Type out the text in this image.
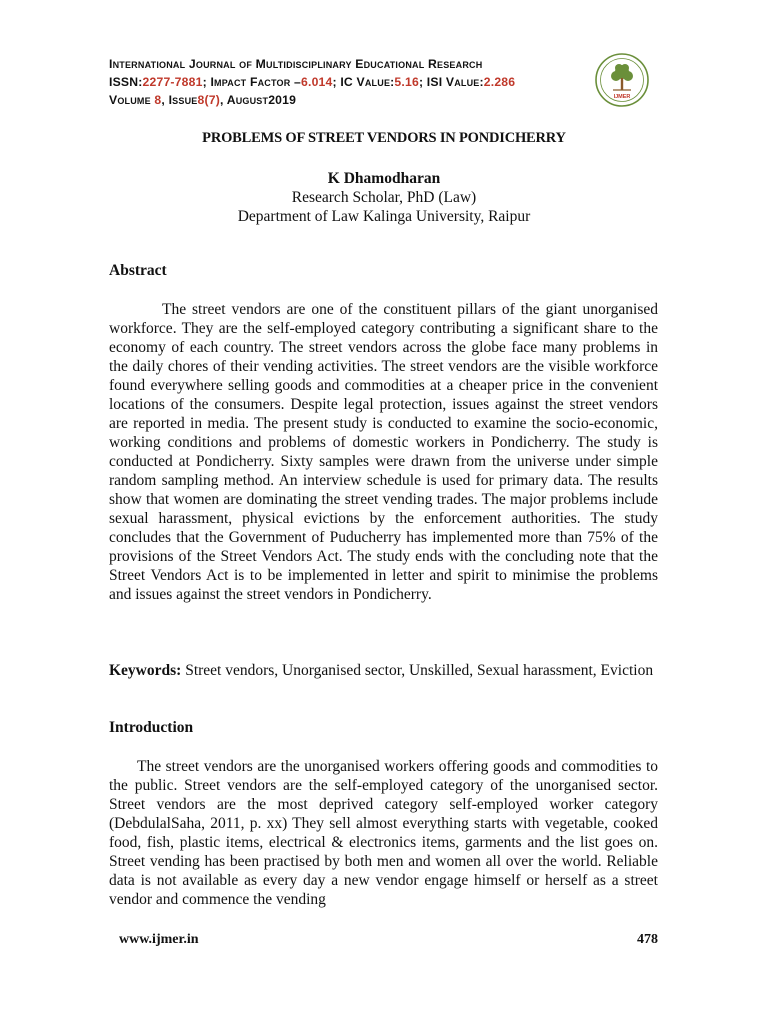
International Journal of Multidisciplinary Educational Research
ISSN:2277-7881; Impact Factor –6.014; IC Value:5.16; ISI Value:2.286
Volume 8, Issue8(7), August2019	IJMER
PROBLEMS OF STREET VENDORS IN PONDICHERRY
K Dhamodharan
Research Scholar, PhD (Law)
Department of Law Kalinga University, Raipur
Abstract

The street vendors are one of the constituent pillars of the giant unorganised workforce. They are the self-employed category contributing a significant share to the economy of each country. The street vendors across the globe face many problems in the daily chores of their vending activities. The street vendors are the visible workforce found everywhere selling goods and commodities at a cheaper price in the convenient locations of the consumers. Despite legal protection, issues against the street vendors are reported in media. The present study is conducted to examine the socio-economic, working conditions and problems of domestic workers in Pondicherry. The study is conducted at Pondicherry. Sixty samples were drawn from the universe under simple random sampling method. An interview schedule is used for primary data. The results show that women are dominating the street vending trades. The major problems include sexual harassment, physical evictions by the enforcement authorities. The study concludes that the Government of Puducherry has implemented more than 75% of the provisions of the Street Vendors Act. The study ends with the concluding note that the Street Vendors Act is to be implemented in letter and spirit to minimise the problems and issues against the street vendors in Pondicherry.

Keywords: Street vendors, Unorganised sector, Unskilled, Sexual harassment, Eviction

Introduction

The street vendors are the unorganised workers offering goods and commodities to the public. Street vendors are the self-employed category of the unorganised sector. Street vendors are the most deprived category self-employed worker category (DebdulalSaha, 2011, p. xx) They sell almost everything starts with vegetable, cooked food, fish, plastic items, electrical & electronics items, garments and the list goes on. Street vending has been practised by both men and women all over the world. Reliable data is not available as every day a new vendor engage himself or herself as a street vendor and commence the vending

www.ijmer.in	478
